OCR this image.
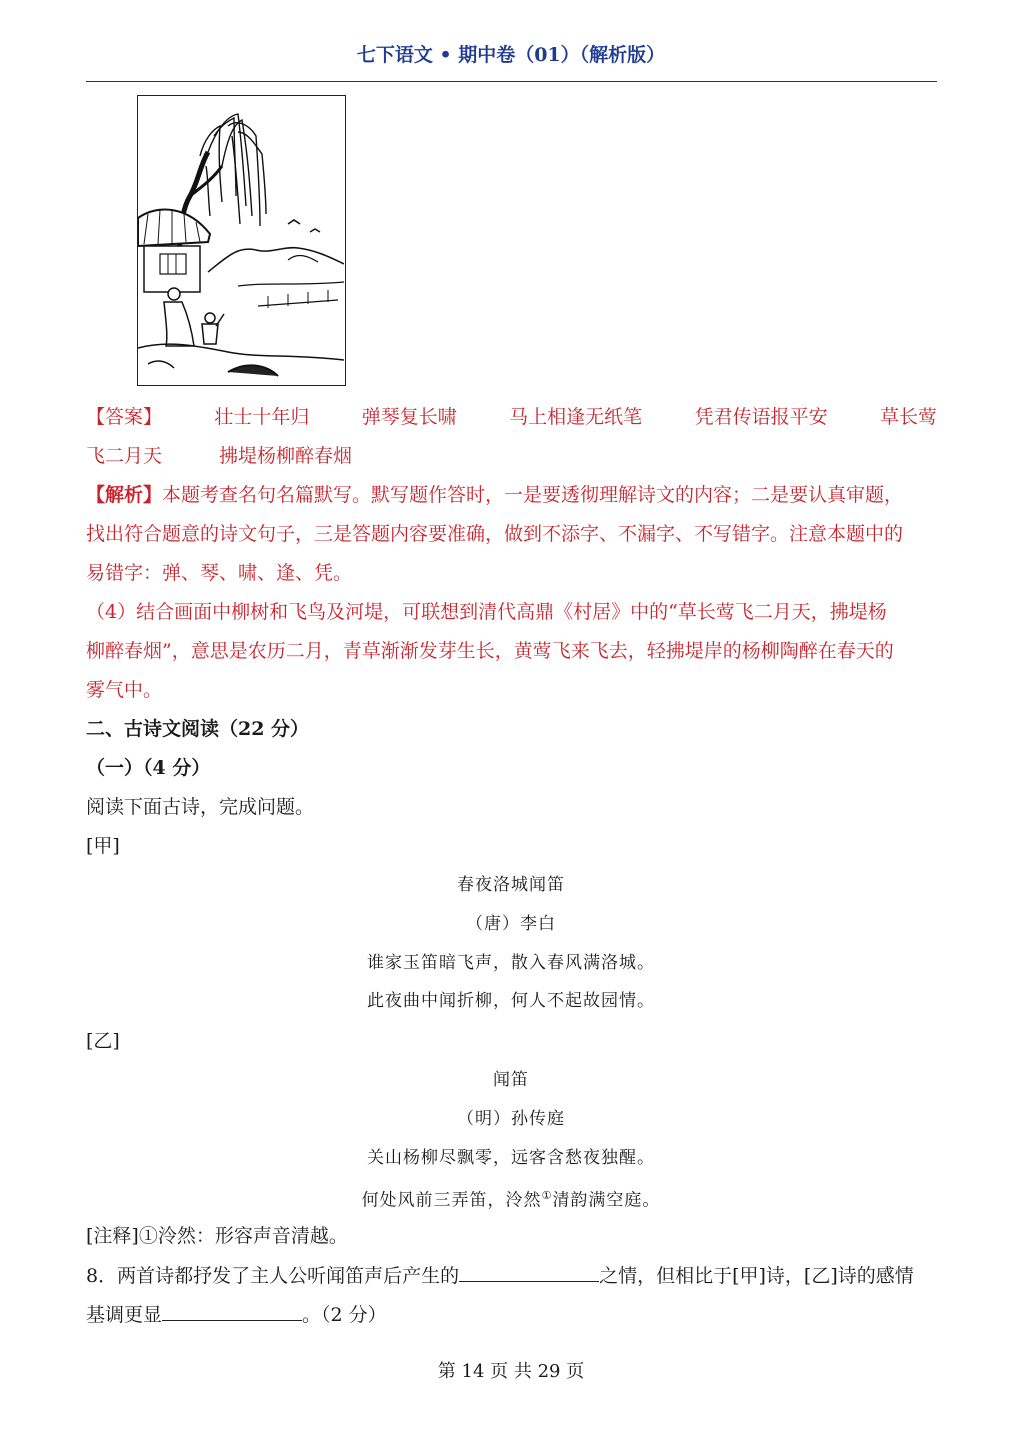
七下语文 • 期中卷（01）（解析版）
【答案】	壮士十年归	弹琴复长啸	马上相逢无纸笔	凭君传语报平安	草长莺
飞二月天　　　拂堤杨柳醉春烟
【解析】本题考查名句名篇默写。默写题作答时，一是要透彻理解诗文的内容；二是要认真审题，
找出符合题意的诗文句子，三是答题内容要准确，做到不添字、不漏字、不写错字。注意本题中的
易错字：弹、琴、啸、逢、凭。
（4）结合画面中柳树和飞鸟及河堤，可联想到清代高鼎《村居》中的“草长莺飞二月天，拂堤杨
柳醉春烟”，意思是农历二月，青草渐渐发芽生长，黄莺飞来飞去，轻拂堤岸的杨柳陶醉在春天的
雾气中。
二、古诗文阅读（22 分）
（一）（4 分）
阅读下面古诗，完成问题。
[甲]
春夜洛城闻笛
（唐）李白
谁家玉笛暗飞声，散入春风满洛城。
此夜曲中闻折柳，何人不起故园情。
[乙]
闻笛
（明）孙传庭
关山杨柳尽飘零，远客含愁夜独醒。
何处风前三弄笛，泠然①清韵满空庭。
[注释]①泠然：形容声音清越。
8．两首诗都抒发了主人公听闻笛声后产生的	之情，但相比于[甲]诗，[乙]诗的感情
基调更显	。（2 分）
第 14 页 共 29 页
